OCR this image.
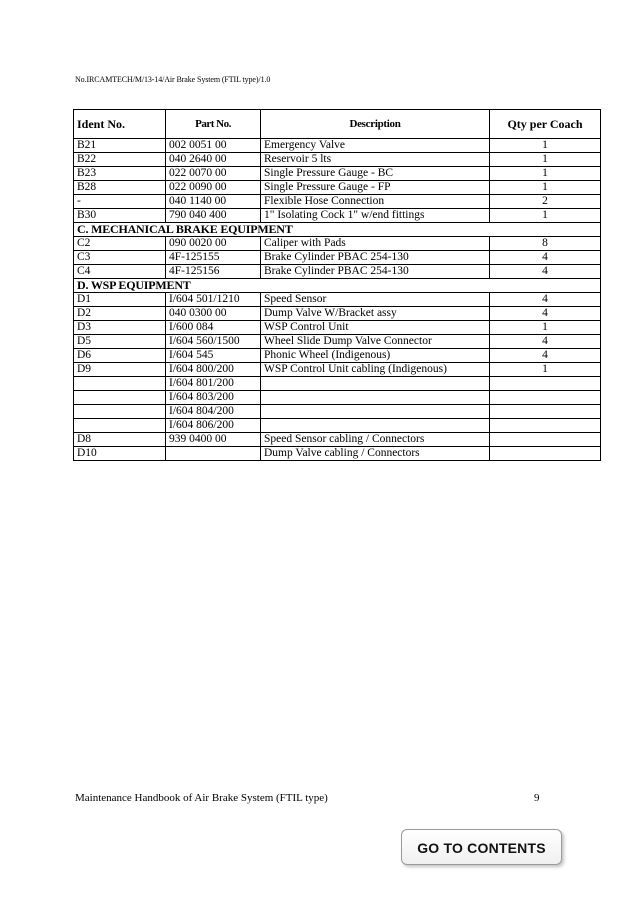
No.IRCAMTECH/M/13-14/Air Brake System (FTIL type)/1.0
Ident No.	Part No.	Description	Qty per Coach
B21	002 0051 00	Emergency Valve	1
B22	040 2640 00	Reservoir 5 lts	1
B23	022 0070 00	Single Pressure Gauge - BC	1
B28	022 0090 00	Single Pressure Gauge - FP	1
-	040 1140 00	Flexible Hose Connection	2
B30	790 040 400	1" Isolating Cock 1" w/end fittings	1
C. MECHANICAL BRAKE EQUIPMENT			
C2	090 0020 00	Caliper with Pads	8
C3	4F-125155	Brake Cylinder PBAC 254-130	4
C4	4F-125156	Brake Cylinder PBAC 254-130	4
D. WSP EQUIPMENT			
D1	I/604 501/1210	Speed Sensor	4
D2	040 0300 00	Dump Valve W/Bracket assy	4
D3	I/600 084	WSP Control Unit	1
D5	I/604 560/1500	Wheel Slide Dump Valve Connector	4
D6	I/604 545	Phonic Wheel (Indigenous)	4
D9	I/604 800/200	WSP Control Unit cabling (Indigenous)	1
	I/604 801/200		
	I/604 803/200		
	I/604 804/200		
	I/604 806/200		
D8	939 0400 00	Speed Sensor cabling / Connectors	
D10		Dump Valve cabling / Connectors	
Maintenance Handbook of Air Brake System (FTIL type)	9
GO TO CONTENTS
